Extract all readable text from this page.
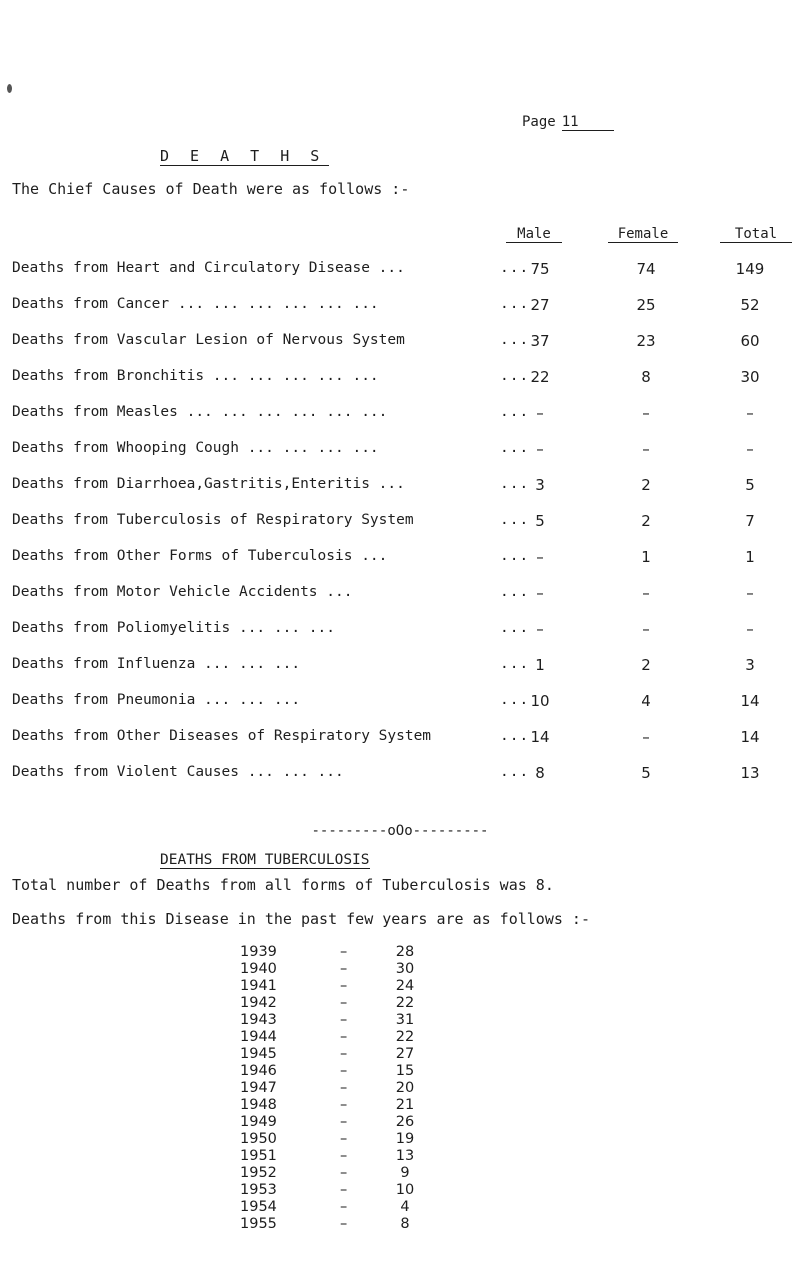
Page 11
D E A T H S
The Chief Causes of Death were as follows :-
Male	Female	Total
Deaths from Heart and Circulatory Disease ...	... 75	74	149
Deaths from Cancer ... ... ... ... ... ...	... 27	25	52
Deaths from Vascular Lesion of Nervous System	... 37	23	60
Deaths from Bronchitis ... ... ... ... ...	... 22	8	30
Deaths from Measles ... ... ... ... ... ...	... –	–	–
Deaths from Whooping Cough ... ... ... ...	... –	–	–
Deaths from Diarrhoea,Gastritis,Enteritis ...	... 3	2	5
Deaths from Tuberculosis of Respiratory System	... 5	2	7
Deaths from Other Forms of Tuberculosis ...	... –	1	1
Deaths from Motor Vehicle Accidents ...	... –	–	–
Deaths from Poliomyelitis ... ... ...	... –	–	–
Deaths from Influenza ... ... ...	... 1	2	3
Deaths from Pneumonia ... ... ...	... 10	4	14
Deaths from Other Diseases of Respiratory System	... 14	–	14
Deaths from Violent Causes ... ... ...	... 8	5	13
---------oOo---------
DEATHS FROM TUBERCULOSIS
Total number of Deaths from all forms of Tuberculosis was 8.
Deaths from this Disease in the past few years are as follows :-
1939	–	28
1940	–	30
1941	–	24
1942	–	22
1943	–	31
1944	–	22
1945	–	27
1946	–	15
1947	–	20
1948	–	21
1949	–	26
1950	–	19
1951	–	13
1952	–	9
1953	–	10
1954	–	4
1955	–	8
